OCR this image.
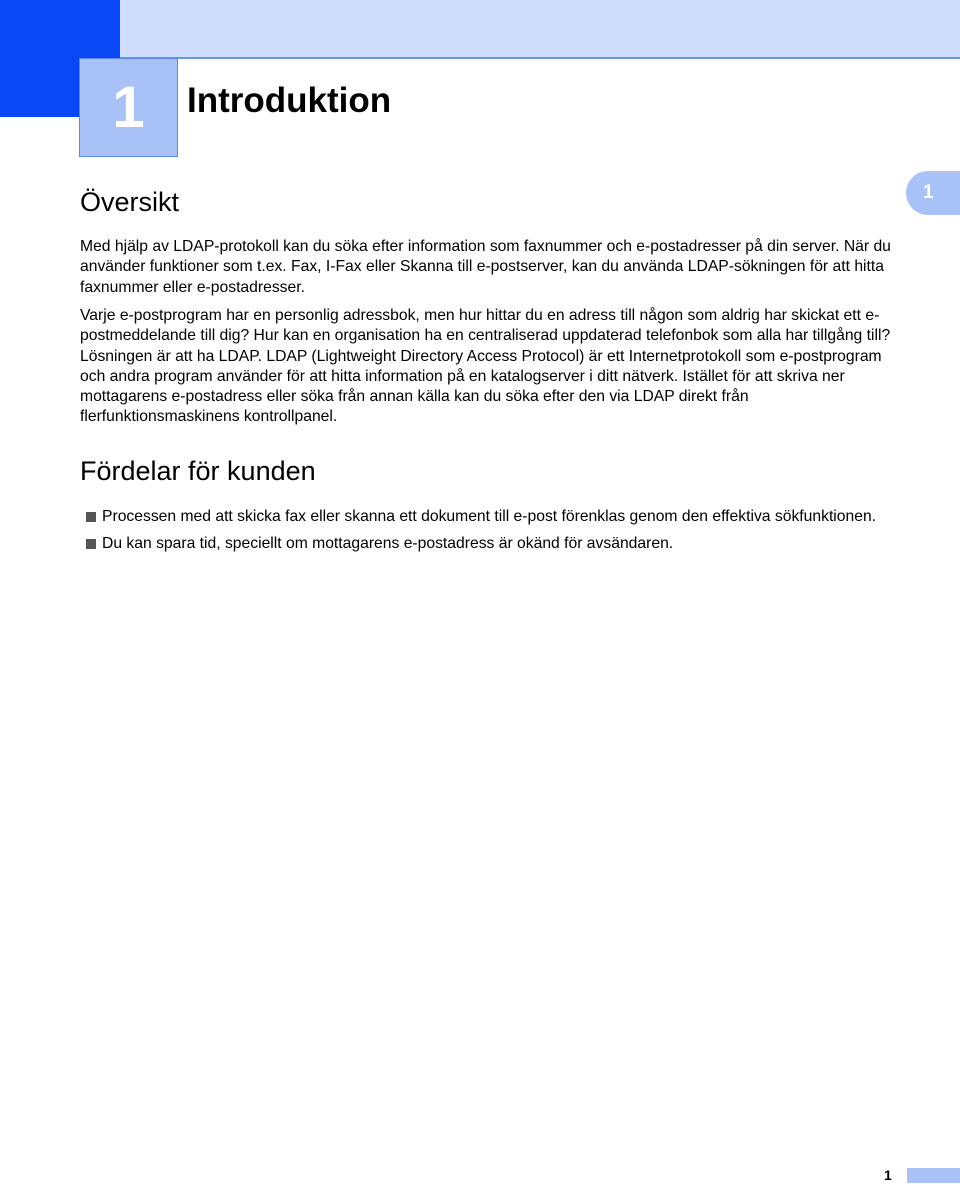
1 Introduktion
1
Översikt

Med hjälp av LDAP-protokoll kan du söka efter information som faxnummer och e-postadresser på din server. När du använder funktioner som t.ex. Fax, I-Fax eller Skanna till e-postserver, kan du använda LDAP-sökningen för att hitta faxnummer eller e-postadresser.

Varje e-postprogram har en personlig adressbok, men hur hittar du en adress till någon som aldrig har skickat ett e-postmeddelande till dig? Hur kan en organisation ha en centraliserad uppdaterad telefonbok som alla har tillgång till? Lösningen är att ha LDAP. LDAP (Lightweight Directory Access Protocol) är ett Internetprotokoll som e-postprogram och andra program använder för att hitta information på en katalogserver i ditt nätverk. Istället för att skriva ner mottagarens e-postadress eller söka från annan källa kan du söka efter den via LDAP direkt från flerfunktionsmaskinens kontrollpanel.

Fördelar för kunden
Processen med att skicka fax eller skanna ett dokument till e-post förenklas genom den effektiva sökfunktionen.
Du kan spara tid, speciellt om mottagarens e-postadress är okänd för avsändaren.
1
